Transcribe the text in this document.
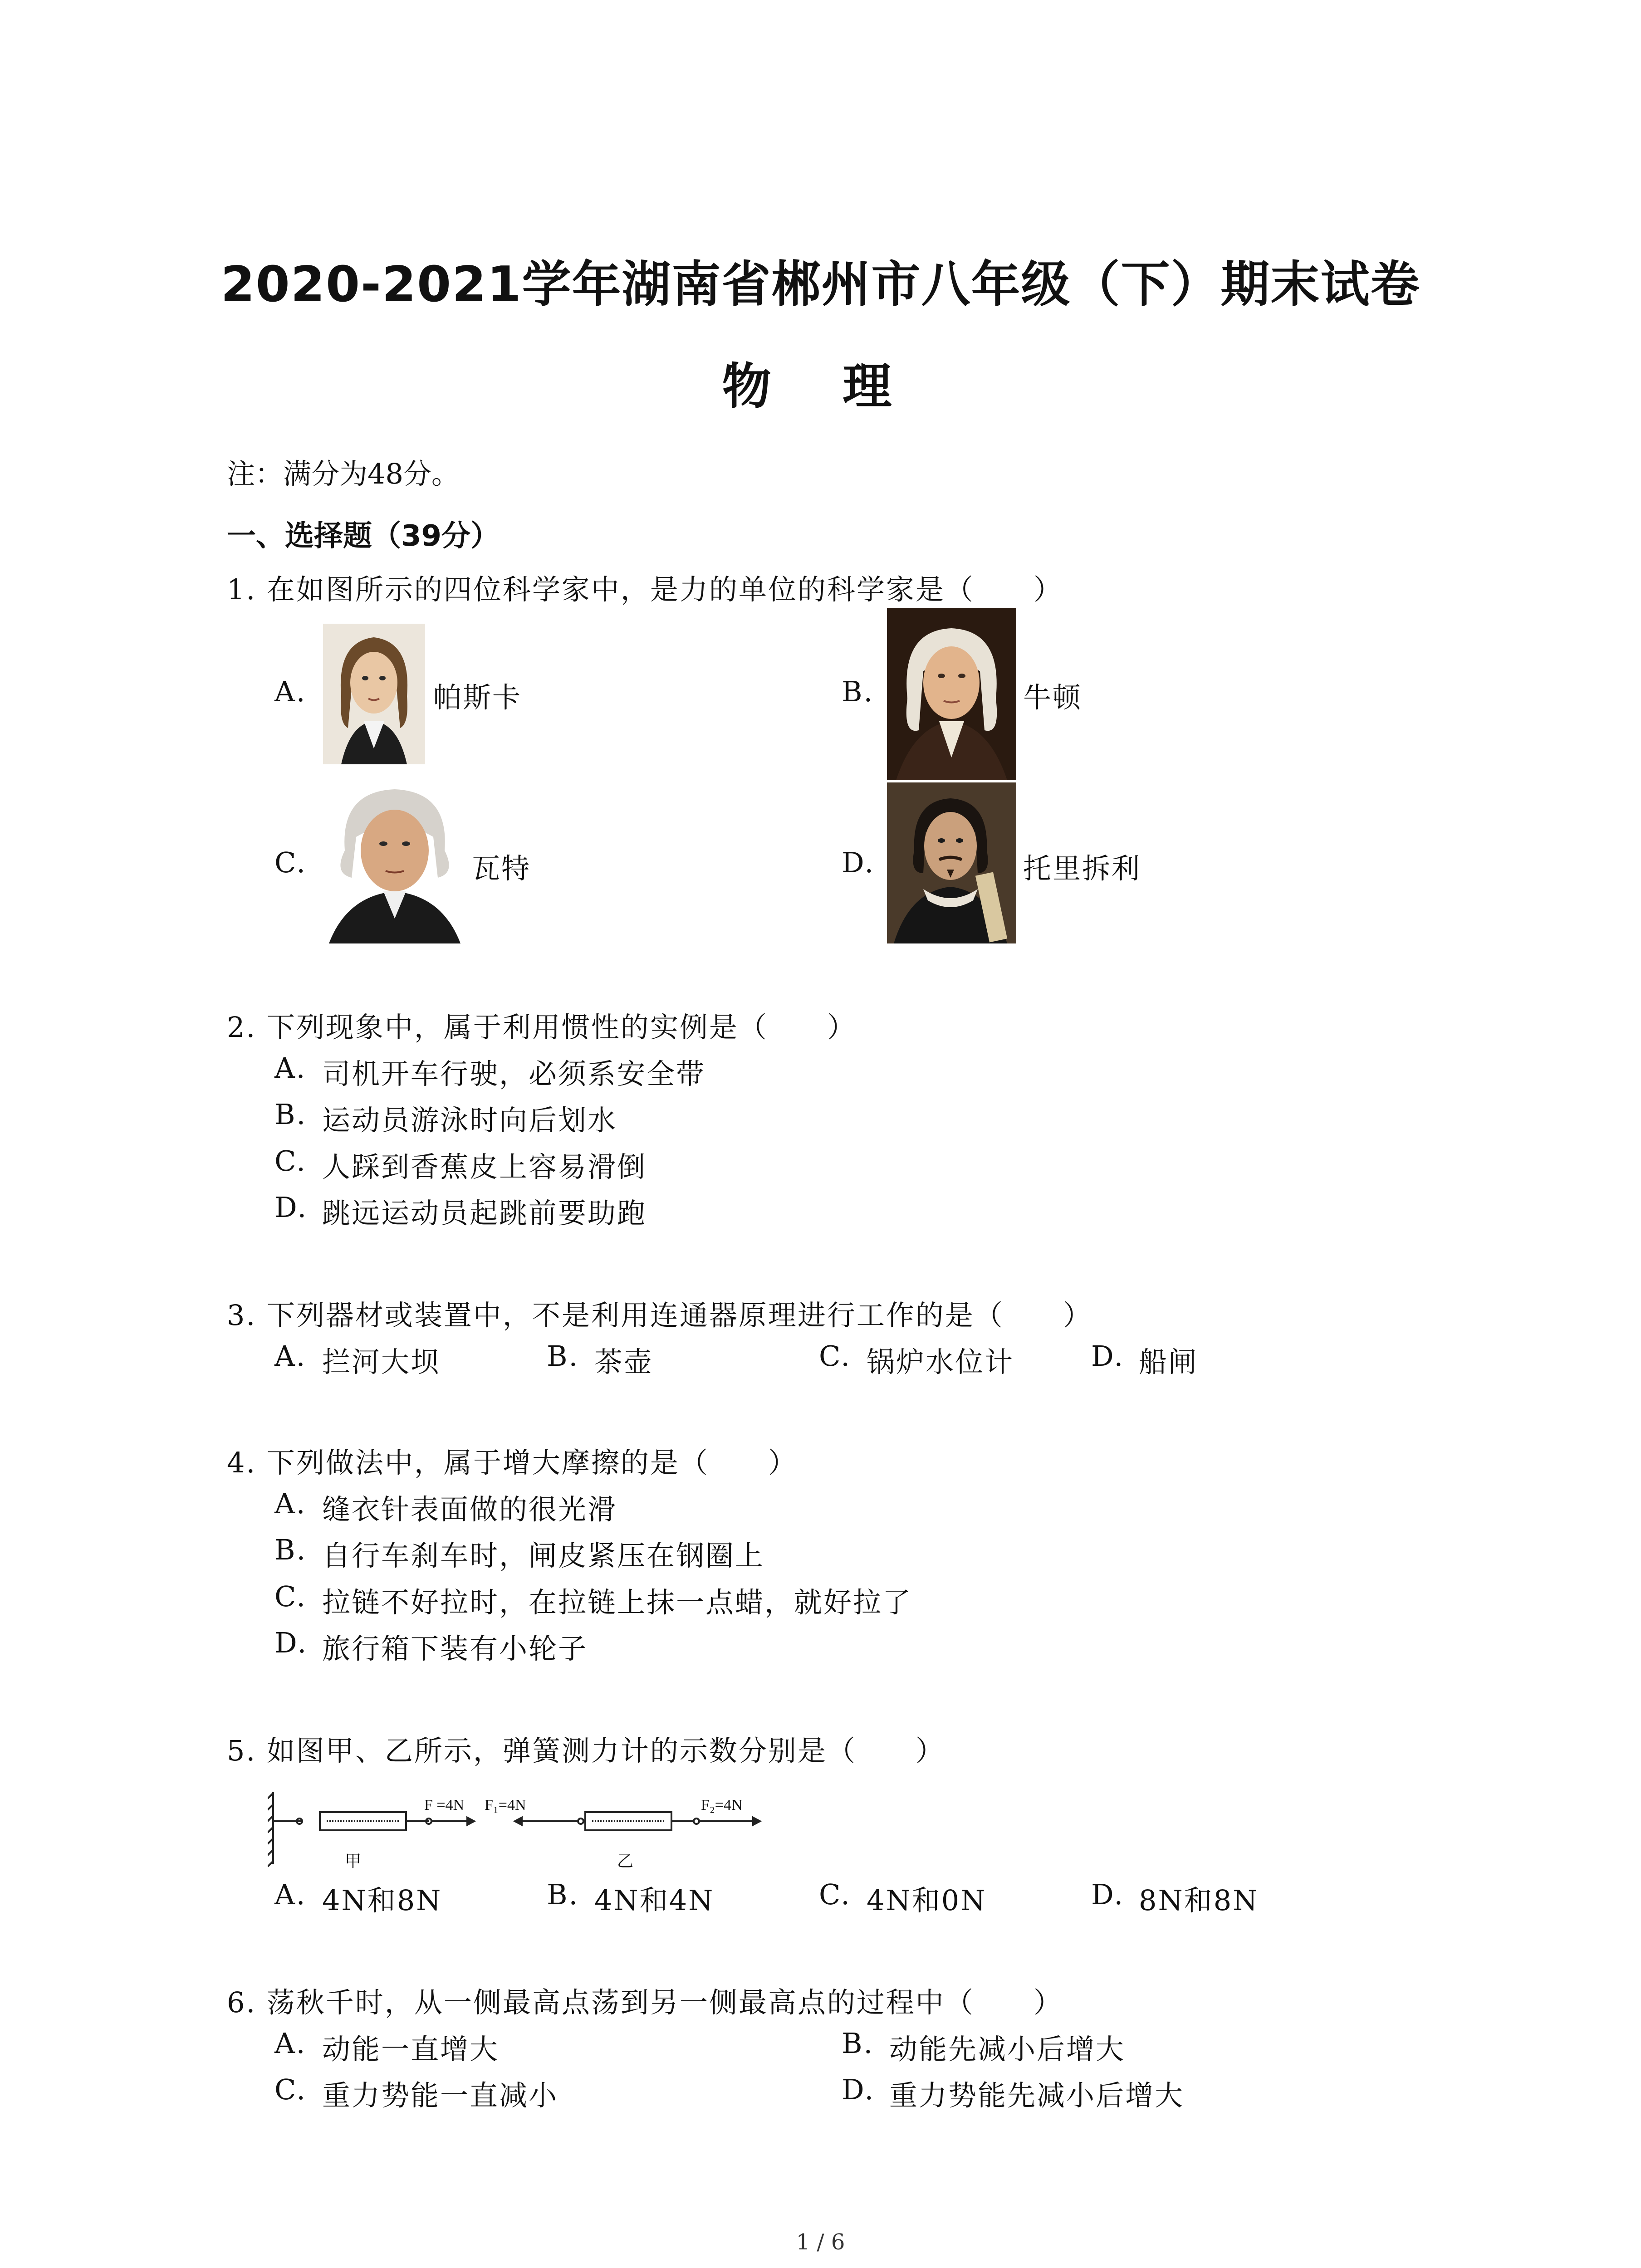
2020-2021学年湖南省郴州市八年级（下）期末试卷
物 理
注：满分为48分。
一、选择题（39分）
1. 在如图所示的四位科学家中，是力的单位的科学家是（　　）
A.	帕斯卡	B.	牛顿
C.	瓦特	D.	托里拆利
2. 下列现象中，属于利用惯性的实例是（　　）
A. 司机开车行驶，必须系安全带
B. 运动员游泳时向后划水
C. 人踩到香蕉皮上容易滑倒
D. 跳远运动员起跳前要助跑
3. 下列器材或装置中，不是利用连通器原理进行工作的是（　　）
A. 拦河大坝	B. 茶壶	C. 锅炉水位计	D. 船闸
4. 下列做法中，属于增大摩擦的是（　　）
A. 缝衣针表面做的很光滑
B. 自行车刹车时，闸皮紧压在钢圈上
C. 拉链不好拉时，在拉链上抹一点蜡，就好拉了
D. 旅行箱下装有小轮子
5. 如图甲、乙所示，弹簧测力计的示数分别是（　　）
F =4N
甲
F₁=4N	F₂=4N
乙
A. 4N和8N	B. 4N和4N	C. 4N和0N	D. 8N和8N
6. 荡秋千时，从一侧最高点荡到另一侧最高点的过程中（　　）
A. 动能一直增大	B. 动能先减小后增大
C. 重力势能一直减小	D. 重力势能先减小后增大
1 / 6
